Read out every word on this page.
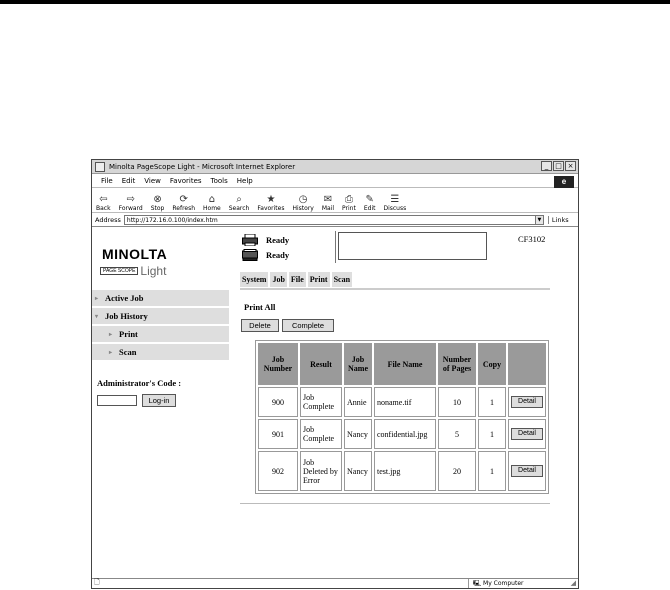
Minolta PageScope Light - Microsoft Internet Explorer	_ □ ×
File Edit View Favorites Tools Help	e
⇦
Back
⇨
Forward
⊗
Stop
⟳
Refresh
⌂
Home
⌕
Search
★
Favorites
◷
History
✉
Mail
⎙
Print
✎
Edit
☰
Discuss
Address http://172.16.0.100/index.htm	▼	Links
MINOLTA
PAGE SCOPE Light
▸ Active Job
▾ Job History
▸ Print
▸ Scan
Administrator's Code :
Log-in
Ready
Ready
CF3102
System Job File Print Scan
Print All
Delete	Complete
Job Number	Result	Job Name	File Name	Number of Pages	Copy	
900	Job Complete	Annie	noname.tif	10	1	Detail
901	Job Complete	Nancy	confidential.jpg	5	1	Detail
902	Job Deleted by Error	Nancy	test.jpg	20	1	Detail
🗋	🖳 My Computer	◢
